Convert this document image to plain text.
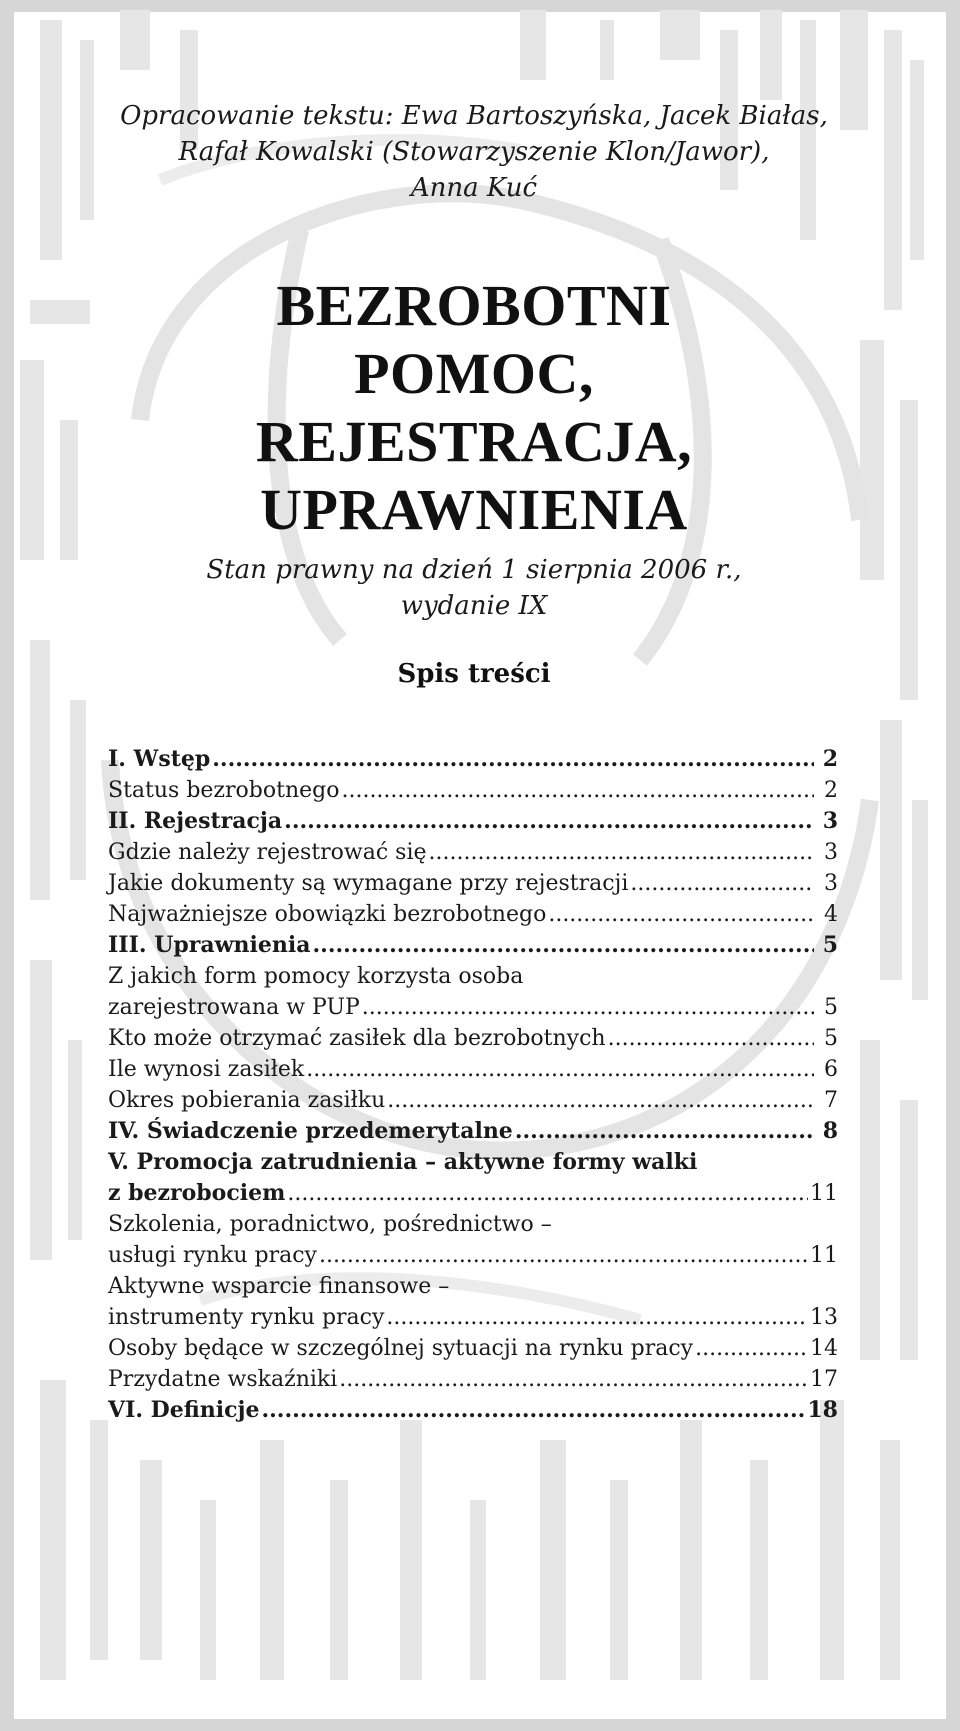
Opracowanie tekstu: Ewa Bartoszyńska, Jacek Białas,
Rafał Kowalski (Stowarzyszenie Klon/Jawor),
Anna Kuć
BEZROBOTNI
POMOC,
REJESTRACJA,
UPRAWNIENIA
Stan prawny na dzień 1 sierpnia 2006 r.,
wydanie IX
Spis treści
I. Wstęp .....	2
Status bezrobotnego .....	2
II. Rejestracja .....	3
Gdzie należy rejestrować się .....	3
Jakie dokumenty są wymagane przy rejestracji .....	3
Najważniejsze obowiązki bezrobotnego .....	4
III. Uprawnienia .....	5
Z jakich form pomocy korzysta osoba
zarejestrowana w PUP .....	5
Kto może otrzymać zasiłek dla bezrobotnych .....	5
Ile wynosi zasiłek .....	6
Okres pobierania zasiłku .....	7
IV. Świadczenie przedemerytalne .....	8
V. Promocja zatrudnienia – aktywne formy walki
z bezrobociem .....	11
Szkolenia, poradnictwo, pośrednictwo –
usługi rynku pracy .....	11
Aktywne wsparcie finansowe –
instrumenty rynku pracy .....	13
Osoby będące w szczególnej sytuacji na rynku pracy .....	14
Przydatne wskaźniki .....	17
VI. Definicje .....	18
